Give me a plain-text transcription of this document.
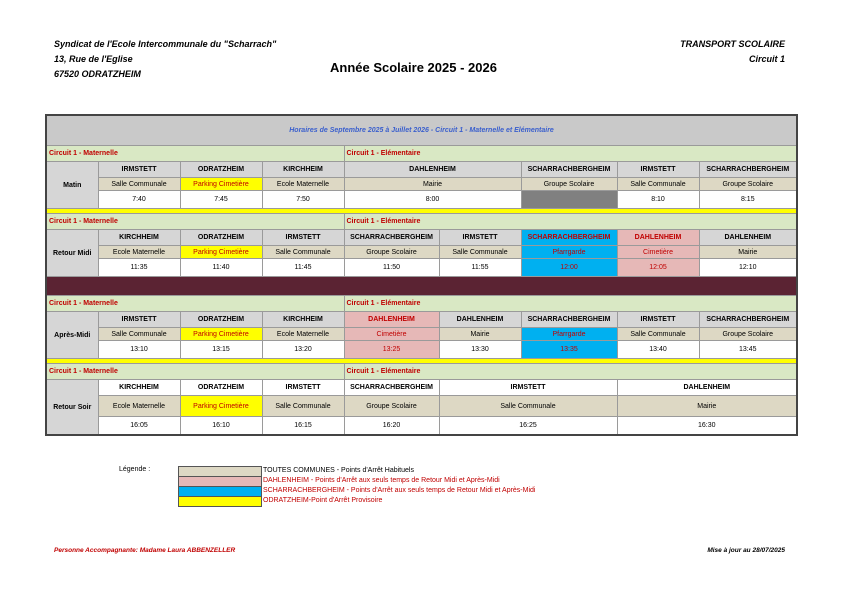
Syndicat de l'Ecole Intercommunale du "Scharrach"
13, Rue de l'Eglise
67520 ODRATZHEIM	Année Scolaire 2025 - 2026
TRANSPORT SCOLAIRE
Circuit 1
Horaires de Septembre 2025 à Juillet 2026 - Circuit 1 - Maternelle et Elémentaire								
Circuit 1 - Maternelle				Circuit 1 - Elémentaire				
Matin	IRMSTETT	ODRATZHEIM	KIRCHHEIM	DAHLENHEIM		SCHARRACHBERGHEIM	IRMSTETT	SCHARRACHBERGHEIM
	Salle Communale	Parking Cimetière	Ecole Maternelle	Mairie		Groupe Scolaire	Salle Communale	Groupe Scolaire
	7:40	7:45	7:50	8:00			8:10	8:15

Circuit 1 - Maternelle				Circuit 1 - Elémentaire				
Retour Midi	KIRCHHEIM	ODRATZHEIM	IRMSTETT	SCHARRACHBERGHEIM	IRMSTETT	SCHARRACHBERGHEIM	DAHLENHEIM	DAHLENHEIM
	Ecole Maternelle	Parking Cimetière	Salle Communale	Groupe Scolaire	Salle Communale	Pfarrgarde	Cimetière	Mairie
	11:35	11:40	11:45	11:50	11:55	12:00	12:05	12:10

Circuit 1 - Maternelle				Circuit 1 - Elémentaire				
Après-Midi	IRMSTETT	ODRATZHEIM	KIRCHHEIM	DAHLENHEIM	DAHLENHEIM	SCHARRACHBERGHEIM	IRMSTETT	SCHARRACHBERGHEIM
	Salle Communale	Parking Cimetière	Ecole Maternelle	Cimetière	Mairie	Pfarrgarde	Salle Communale	Groupe Scolaire
	13:10	13:15	13:20	13:25	13:30	13:35	13:40	13:45

Circuit 1 - Maternelle				Circuit 1 - Elémentaire				
Retour Soir	KIRCHHEIM	ODRATZHEIM	IRMSTETT	SCHARRACHBERGHEIM	IRMSTETT		DAHLENHEIM	
	Ecole Maternelle	Parking Cimetière	Salle Communale	Groupe Scolaire	Salle Communale		Mairie	
	16:05	16:10	16:15	16:20	16:25		16:30	
Légende :	TOUTES COMMUNES - Points d'Arrêt Habituels
DAHLENHEIM - Points d'Arrêt aux seuls temps de Retour Midi et Après-Midi
SCHARRACHBERGHEIM - Points d'Arrêt aux seuls temps de Retour Midi et Après-Midi
ODRATZHEIM-Point d'Arrêt Provisoire
Personne Accompagnante: Madame Laura ABBENZELLER	Mise à jour au 28/07/2025
